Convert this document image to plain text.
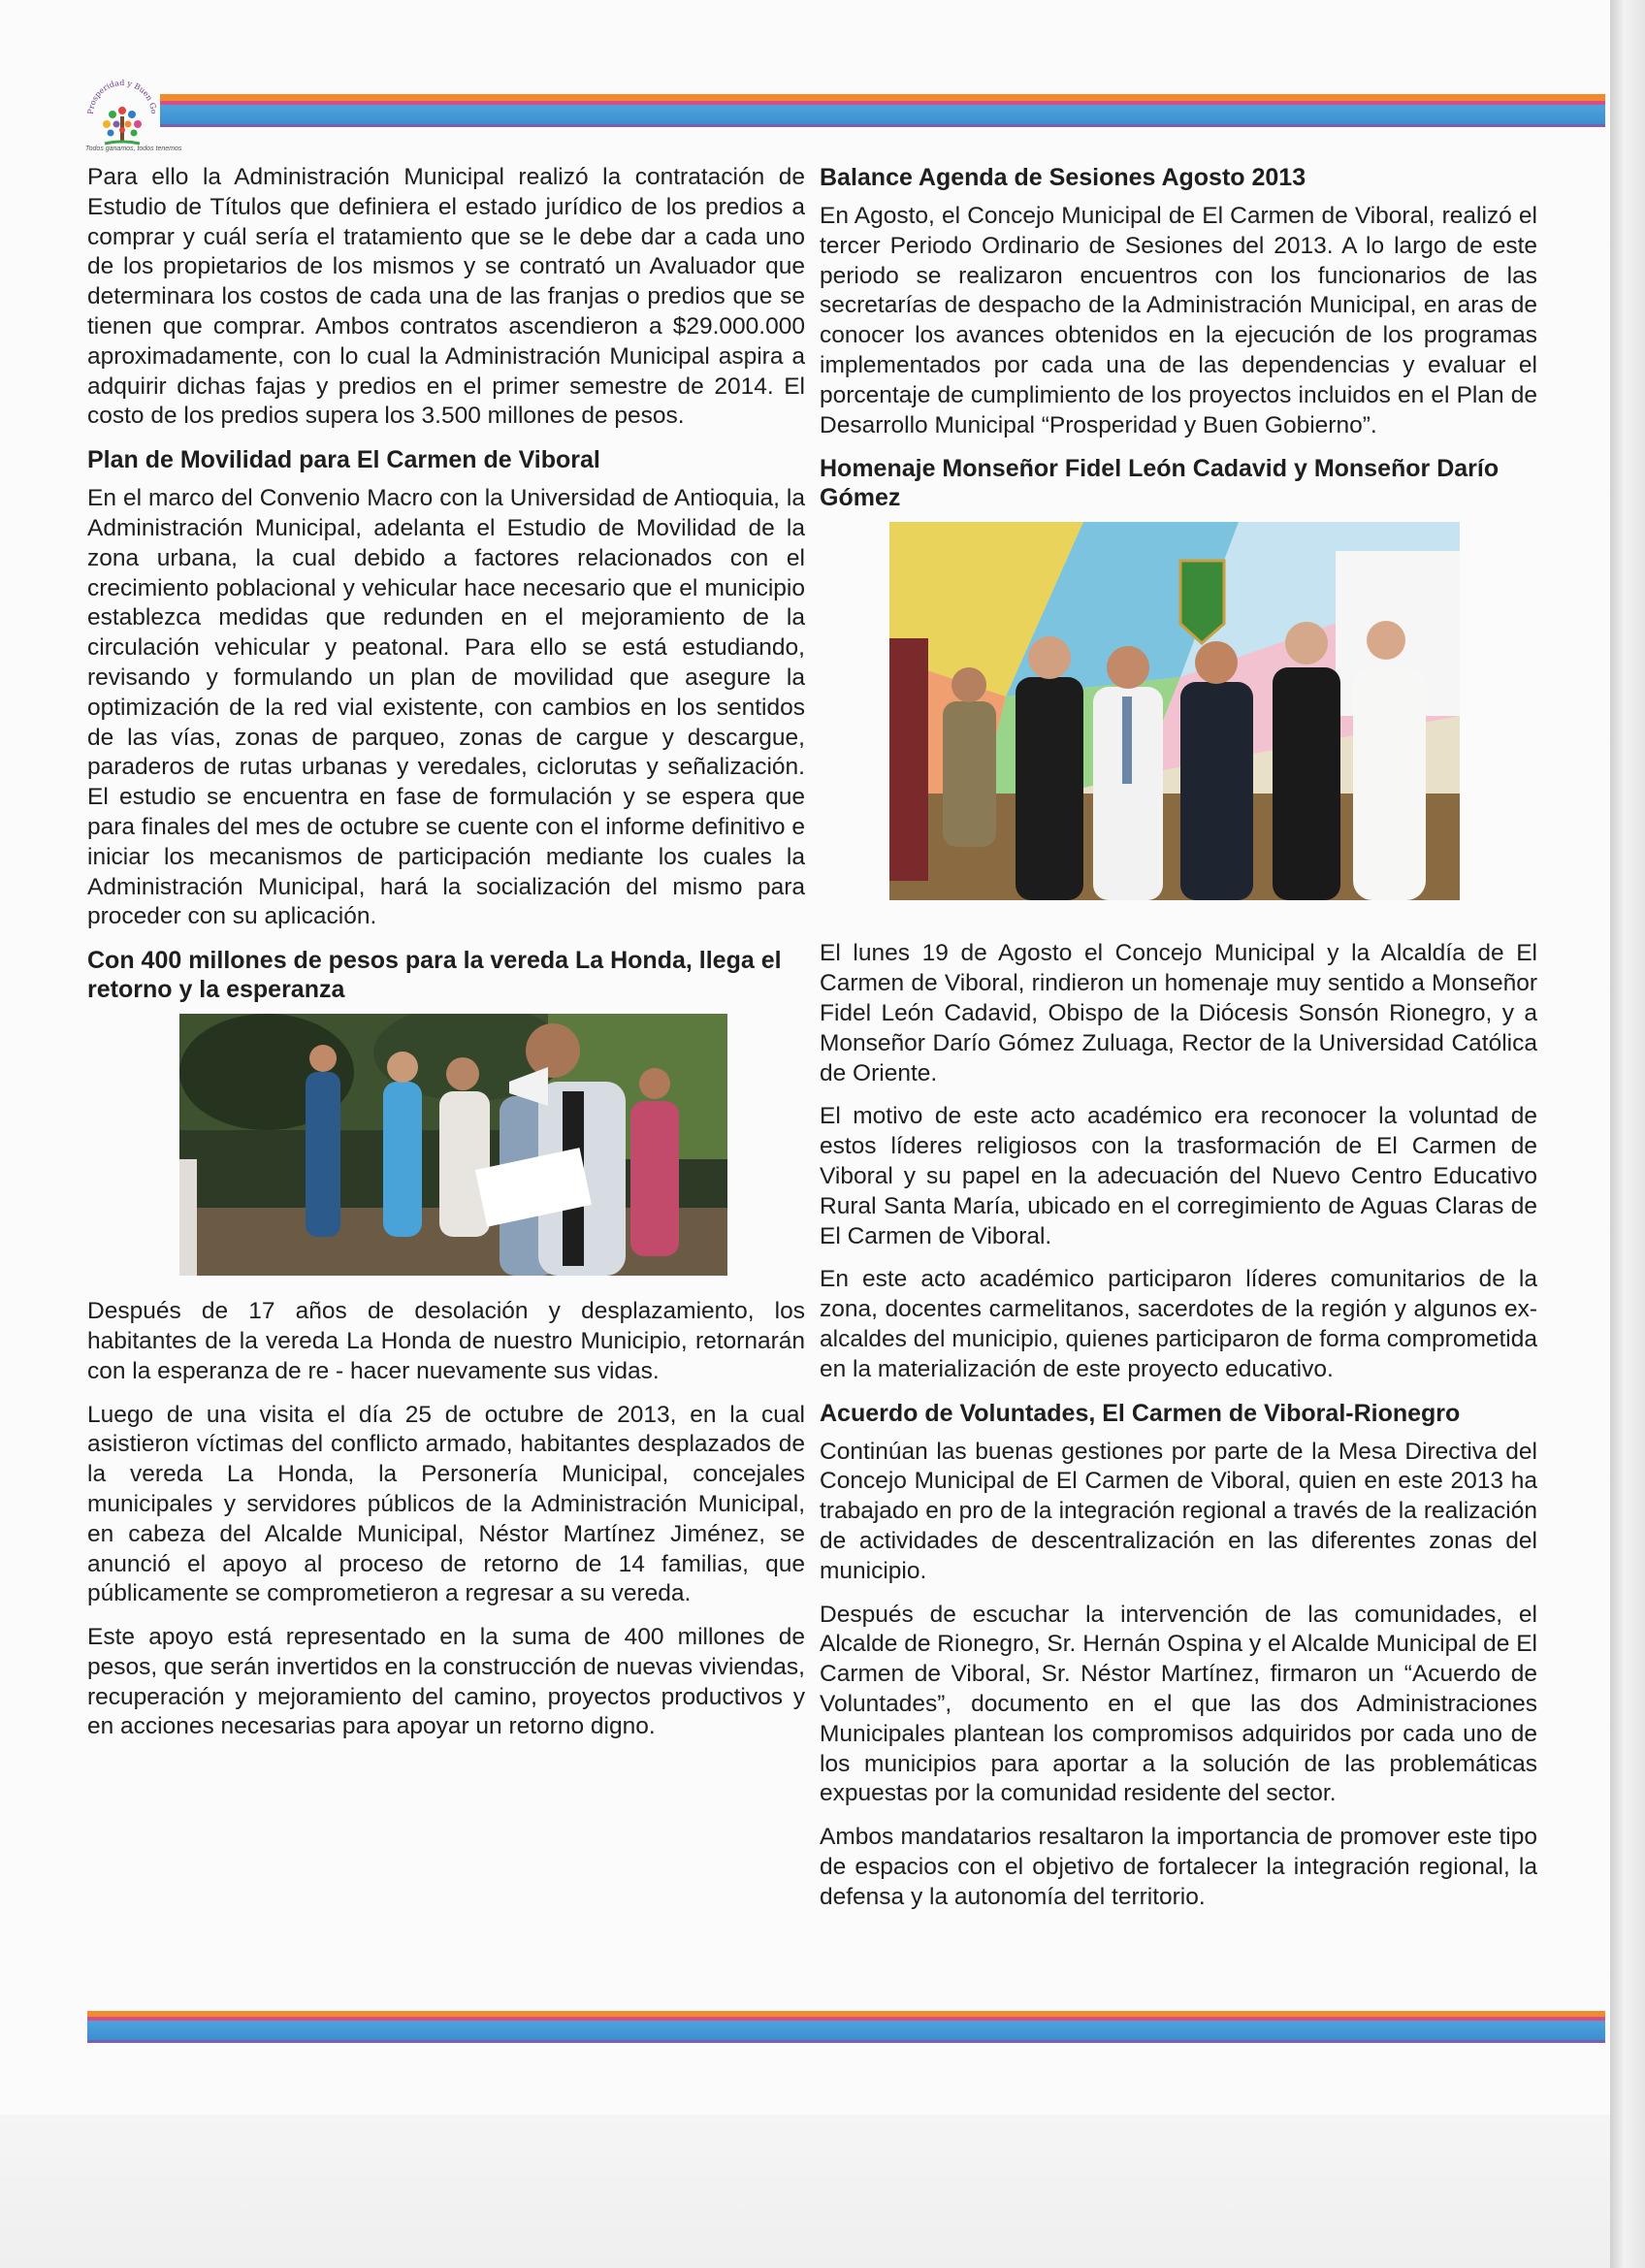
Prosperidad y Buen Go
Todos ganamos, todos tenemos

Para ello la Administración Municipal realizó la contratación de Estudio de Títulos que definiera el estado jurídico de los predios a comprar y cuál sería el tratamiento que se le debe dar a cada uno de los propietarios de los mismos y se contrató un Avaluador que determinara los costos de cada una de las franjas o predios que se tienen que comprar. Ambos contratos ascendieron a $29.000.000 aproximadamente, con lo cual la Administración Municipal aspira a adquirir dichas fajas y predios en el primer semestre de 2014. El costo de los predios supera los 3.500 millones de pesos.

Plan de Movilidad para El Carmen de Viboral

En el marco del Convenio Macro con la Universidad de Antioquia, la Administración Municipal, adelanta el Estudio de Movilidad de la zona urbana, la cual debido a factores relacionados con el crecimiento poblacional y vehicular hace necesario que el municipio establezca medidas que redunden en el mejoramiento de la circulación vehicular y peatonal. Para ello se está estudiando, revisando y formulando un plan de movilidad que asegure la optimización de la red vial existente, con cambios en los sentidos de las vías, zonas de parqueo, zonas de cargue y descargue, paraderos de rutas urbanas y veredales, ciclorutas y señalización. El estudio se encuentra en fase de formulación y se espera que para finales del mes de octubre se cuente con el informe definitivo e iniciar los mecanismos de participación mediante los cuales la Administración Municipal, hará la socialización del mismo para proceder con su aplicación.

Con 400 millones de pesos para la vereda La Honda, llega el retorno y la esperanza

Después de 17 años de desolación y desplazamiento, los habitantes de la vereda La Honda de nuestro Municipio, retornarán con la esperanza de re - hacer nuevamente sus vidas.

Luego de una visita el día 25 de octubre de 2013, en la cual asistieron víctimas del conflicto armado, habitantes desplazados de la vereda La Honda, la Personería Municipal, concejales municipales y servidores públicos de la Administración Municipal, en cabeza del Alcalde Municipal, Néstor Martínez Jiménez, se anunció el apoyo al proceso de retorno de 14 familias, que públicamente se comprometieron a regresar a su vereda.

Este apoyo está representado en la suma de 400 millones de pesos, que serán invertidos en la construcción de nuevas viviendas, recuperación y mejoramiento del camino, proyectos productivos y en acciones necesarias para apoyar un retorno digno.

Balance Agenda de Sesiones Agosto 2013

En Agosto, el Concejo Municipal de El Carmen de Viboral, realizó el tercer Periodo Ordinario de Sesiones del 2013. A lo largo de este periodo se realizaron encuentros con los funcionarios de las secretarías de despacho de la Administración Municipal, en aras de conocer los avances obtenidos en la ejecución de los programas implementados por cada una de las dependencias y evaluar el porcentaje de cumplimiento de los proyectos incluidos en el Plan de Desarrollo Municipal “Prosperidad y Buen Gobierno”.

Homenaje Monseñor Fidel León Cadavid y Monseñor Darío Gómez

El lunes 19 de Agosto el Concejo Municipal y la Alcaldía de El Carmen de Viboral, rindieron un homenaje muy sentido a Monseñor Fidel León Cadavid, Obispo de la Diócesis Sonsón Rionegro, y a Monseñor Darío Gómez Zuluaga, Rector de la Universidad Católica de Oriente.

El motivo de este acto académico era reconocer la voluntad de estos líderes religiosos con la trasformación de El Carmen de Viboral y su papel en la adecuación del Nuevo Centro Educativo Rural Santa María, ubicado en el corregimiento de Aguas Claras de El Carmen de Viboral.

En este acto académico participaron líderes comunitarios de la zona, docentes carmelitanos, sacerdotes de la región y algunos ex-alcaldes del municipio, quienes participaron de forma comprometida en la materialización de este proyecto educativo.

Acuerdo de Voluntades, El Carmen de Viboral-Rionegro

Continúan las buenas gestiones por parte de la Mesa Directiva del Concejo Municipal de El Carmen de Viboral, quien en este 2013 ha trabajado en pro de la integración regional a través de la realización de actividades de descentralización en las diferentes zonas del municipio.

Después de escuchar la intervención de las comunidades, el Alcalde de Rionegro, Sr. Hernán Ospina y el Alcalde Municipal de El Carmen de Viboral, Sr. Néstor Martínez, firmaron un “Acuerdo de Voluntades”, documento en el que las dos Administraciones Municipales plantean los compromisos adquiridos por cada uno de los municipios para aportar a la solución de las problemáticas expuestas por la comunidad residente del sector.

Ambos mandatarios resaltaron la importancia de promover este tipo de espacios con el objetivo de fortalecer la integración regional, la defensa y la autonomía del territorio.
